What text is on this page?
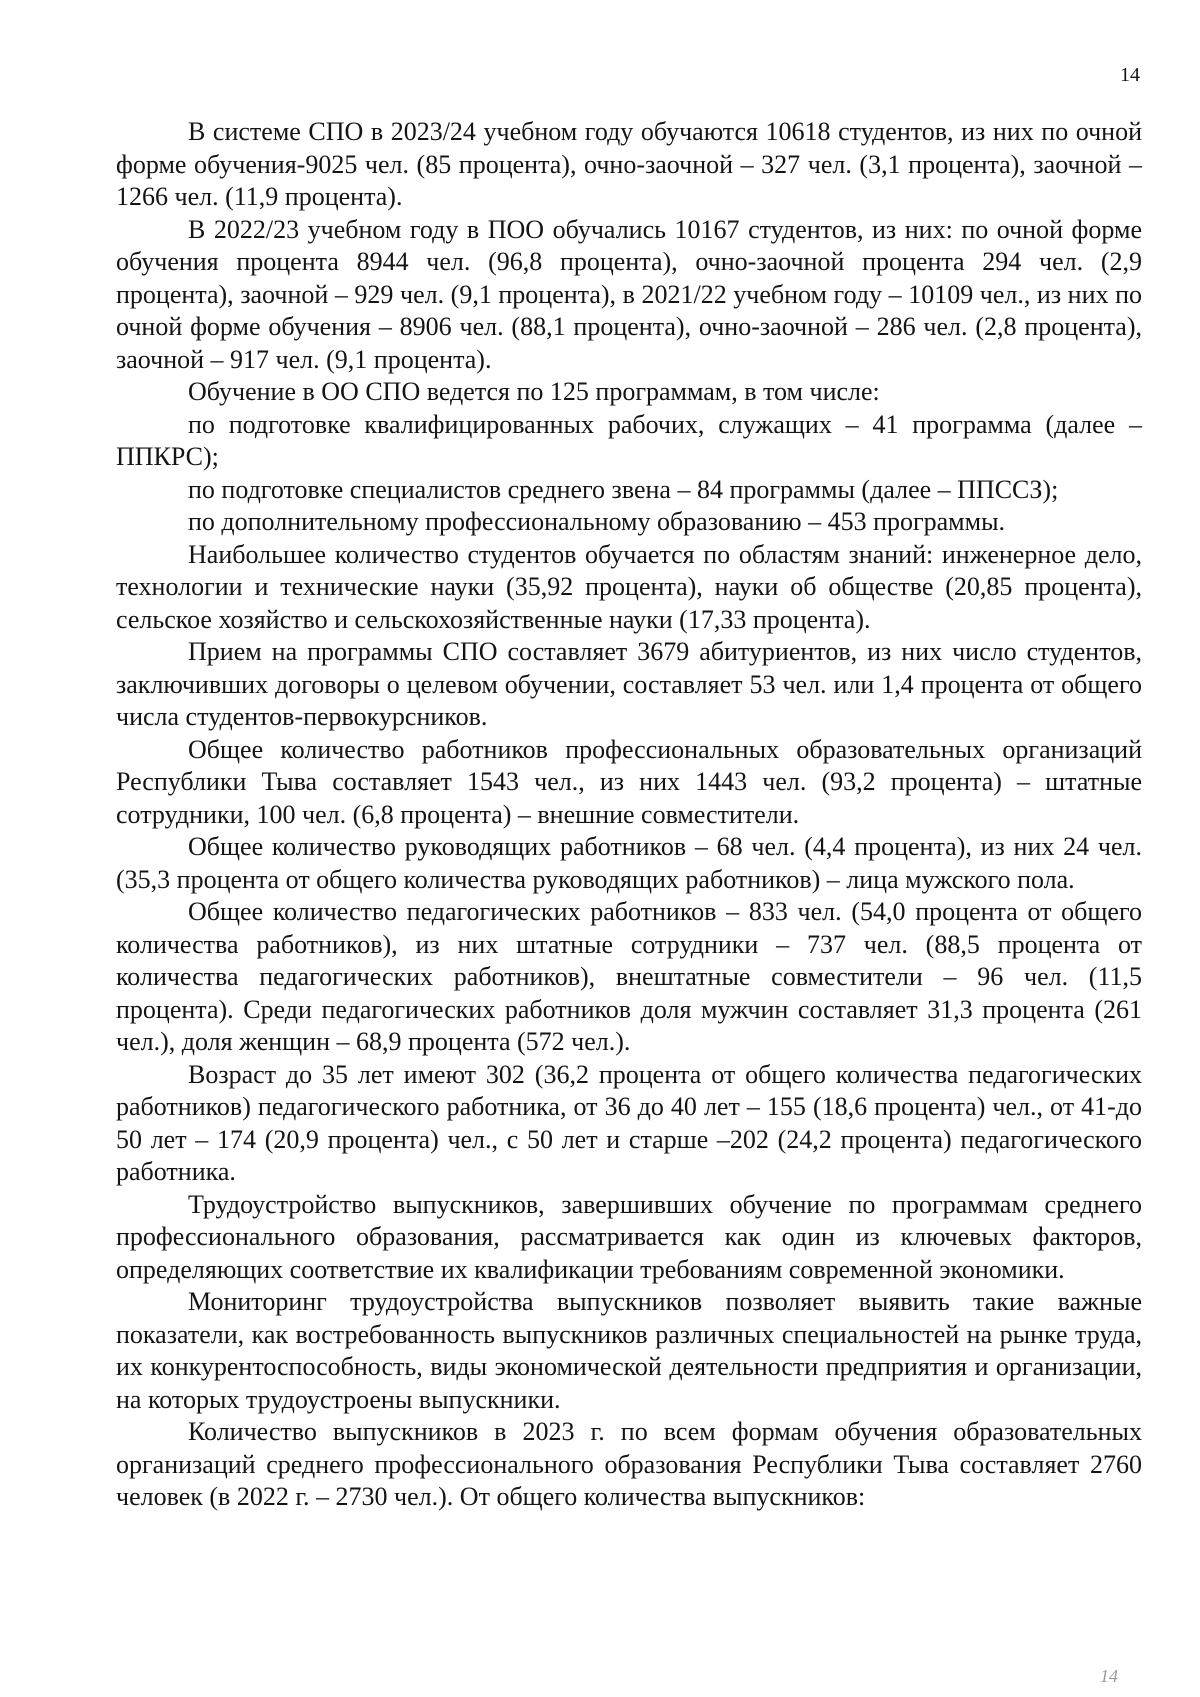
14

В системе СПО в 2023/24 учебном году обучаются 10618 студентов, из них по очной форме обучения-9025 чел. (85 процента), очно-заочной – 327 чел. (3,1 процента), заочной – 1266 чел. (11,9 процента).

В 2022/23 учебном году в ПОО обучались 10167 студентов, из них: по очной форме обучения процента 8944 чел. (96,8 процента), очно-заочной процента 294 чел. (2,9 процента), заочной – 929 чел. (9,1 процента), в 2021/22 учебном году – 10109 чел., из них по очной форме обучения – 8906 чел. (88,1 процента), очно-заочной – 286 чел. (2,8 процента), заочной – 917 чел. (9,1 процента).

Обучение в ОО СПО ведется по 125 программам, в том числе:

по подготовке квалифицированных рабочих, служащих – 41 программа (далее – ППКРС);

по подготовке специалистов среднего звена – 84 программы (далее – ППССЗ);

по дополнительному профессиональному образованию – 453 программы.

Наибольшее количество студентов обучается по областям знаний: инженерное дело, технологии и технические науки (35,92 процента), науки об обществе (20,85 процента), сельское хозяйство и сельскохозяйственные науки (17,33 процента).

Прием на программы СПО составляет 3679 абитуриентов, из них число студентов, заключивших договоры о целевом обучении, составляет 53 чел. или 1,4 процента от общего числа студентов-первокурсников.

Общее количество работников профессиональных образовательных организаций Республики Тыва составляет 1543 чел., из них 1443 чел. (93,2 процента) – штатные сотрудники, 100 чел. (6,8 процента) – внешние совместители.

Общее количество руководящих работников – 68 чел. (4,4 процента), из них 24 чел. (35,3 процента от общего количества руководящих работников) – лица мужского пола.

Общее количество педагогических работников – 833 чел. (54,0 процента от общего количества работников), из них штатные сотрудники – 737 чел. (88,5 процента от количества педагогических работников), внештатные совместители – 96 чел. (11,5 процента). Среди педагогических работников доля мужчин составляет 31,3 процента (261 чел.), доля женщин – 68,9 процента (572 чел.).

Возраст до 35 лет имеют 302 (36,2 процента от общего количества педагогических работников) педагогического работника, от 36 до 40 лет – 155 (18,6 процента) чел., от 41-до 50 лет – 174 (20,9 процента) чел., с 50 лет и старше –202 (24,2 процента) педагогического работника.

Трудоустройство выпускников, завершивших обучение по программам среднего профессионального образования, рассматривается как один из ключевых факторов, определяющих соответствие их квалификации требованиям современной экономики.

Мониторинг трудоустройства выпускников позволяет выявить такие важные показатели, как востребованность выпускников различных специальностей на рынке труда, их конкурентоспособность, виды экономической деятельности предприятия и организации, на которых трудоустроены выпускники.

Количество выпускников в 2023 г. по всем формам обучения образовательных организаций среднего профессионального образования Республики Тыва составляет 2760 человек (в 2022 г. – 2730 чел.). От общего количества выпускников:

14
